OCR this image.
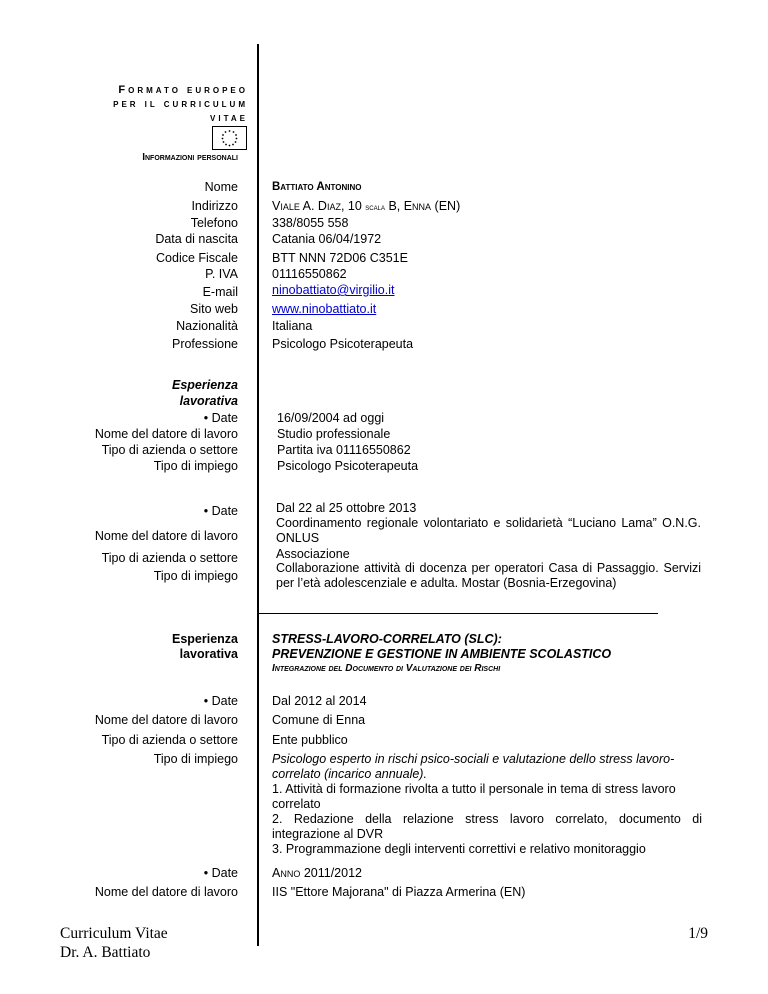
Formato europeo
per il curriculum
vitae
Informazioni personali
Nome
Indirizzo
Telefono
Data di nascita
Codice Fiscale
P. IVA
E-mail
Sito web
Nazionalità
Professione
Battiato Antonino
Viale A. Diaz, 10 scala B, Enna (EN)
338/8055 558
Catania 06/04/1972
BTT NNN 72D06 C351E
01116550862
ninobattiato@virgilio.it
www.ninobattiato.it
Italiana
Psicologo Psicoterapeuta
Esperienza lavorativa
• Date
Nome del datore di lavoro
Tipo di azienda o settore
Tipo di impiego
16/09/2004 ad oggi
Studio professionale
Partita iva 01116550862
Psicologo Psicoterapeuta
• Date
Nome del datore di lavoro
Tipo di azienda o settore
Tipo di impiego
Dal 22 al 25 ottobre 2013
Coordinamento regionale volontariato e solidarietà “Luciano Lama” O.N.G. ONLUS
Associazione
Collaborazione attività di docenza per operatori Casa di Passaggio. Servizi per l’età adolescenziale e adulta. Mostar (Bosnia-Erzegovina)
Esperienza lavorativa
STRESS-LAVORO-CORRELATO (SLC):
PREVENZIONE E GESTIONE IN AMBIENTE SCOLASTICO
Integrazione del Documento di Valutazione dei Rischi
• Date
Nome del datore di lavoro
Tipo di azienda o settore
Tipo di impiego
Dal 2012 al 2014
Comune di Enna
Ente pubblico
Psicologo esperto in rischi psico-sociali e valutazione dello stress lavoro-correlato (incarico annuale).
1. Attività di formazione rivolta a tutto il personale in tema di stress lavoro correlato
2. Redazione della relazione stress lavoro correlato, documento di integrazione al DVR
3. Programmazione degli interventi correttivi e relativo monitoraggio
• Date
Nome del datore di lavoro
Anno 2011/2012
IIS "Ettore Majorana" di Piazza Armerina (EN)
Curriculum Vitae
Dr. A. Battiato
1/9
